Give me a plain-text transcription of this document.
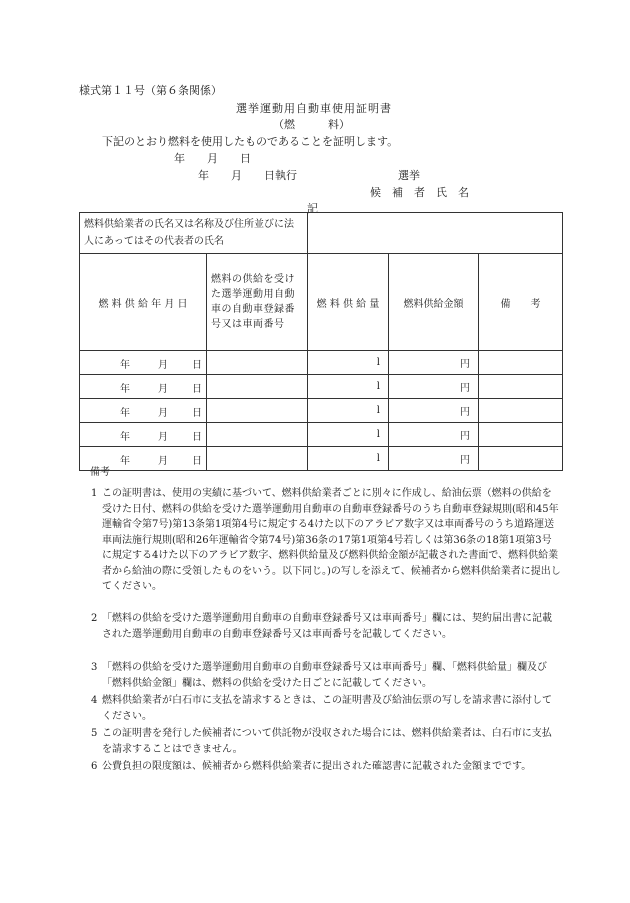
様式第１１号（第６条関係）
選挙運動用自動車使用証明書
（燃　　　料）
下記のとおり燃料を使用したものであることを証明します。
年　　月　　日
年　　月　　日執行	選挙
候　補　者　氏　名
記
燃料供給業者の氏名又は名称及び住所並びに法人にあってはその代表者の氏名				
燃 料 供 給 年 月 日	燃料の供給を受けた選挙運動用自動車の自動車登録番号又は車両番号	燃 料 供 給 量	燃料供給金額	備　　考

年 月 日		l	円	

年 月 日		l	円	

年 月 日		l	円	

年 月 日		l	円	

年 月 日		l	円	
備考
1 この証明書は、使用の実績に基づいて、燃料供給業者ごとに別々に作成し、給油伝票（燃料の供給を受けた日付、燃料の供給を受けた選挙運動用自動車の自動車登録番号のうち自動車登録規則(昭和45年運輸省令第7号)第13条第1項第4号に規定する4けた以下のアラビア数字又は車両番号のうち道路運送車両法施行規則(昭和26年運輸省令第74号)第36条の17第1項第4号若しくは第36条の18第1項第3号に規定する4けた以下のアラビア数字、燃料供給量及び燃料供給金額が記載された書面で、燃料供給業者から給油の際に受領したものをいう。以下同じ。)の写しを添えて、候補者から燃料供給業者に提出してください。
2 「燃料の供給を受けた選挙運動用自動車の自動車登録番号又は車両番号」欄には、契約届出書に記載された選挙運動用自動車の自動車登録番号又は車両番号を記載してください。
3 「燃料の供給を受けた選挙運動用自動車の自動車登録番号又は車両番号」欄、「燃料供給量」欄及び「燃料供給金額」欄は、燃料の供給を受けた日ごとに記載してください。
4 燃料供給業者が白石市に支払を請求するときは、この証明書及び給油伝票の写しを請求書に添付してください。
5 この証明書を発行した候補者について供託物が没収された場合には、燃料供給業者は、白石市に支払を請求することはできません。
6 公費負担の限度額は、候補者から燃料供給業者に提出された確認書に記載された金額までです。
